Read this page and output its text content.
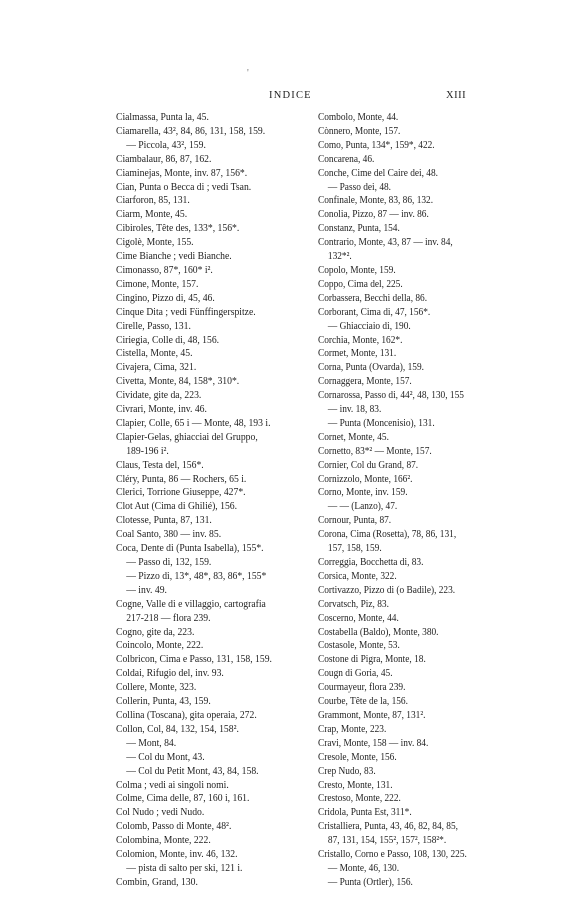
'
INDICE	XIII
Cialmassa, Punta la, 45.
Ciamarella, 43², 84, 86, 131, 158, 159.
— Piccola, 43², 159.
Ciambalaur, 86, 87, 162.
Ciaminejas, Monte, inv. 87, 156*.
Cian, Punta o Becca di ; vedi Tsan.
Ciarforon, 85, 131.
Ciarm, Monte, 45.
Cibiroles, Tête des, 133*, 156*.
Cigolè, Monte, 155.
Cime Bianche ; vedi Bianche.
Cimonasso, 87*, 160* i².
Cimone, Monte, 157.
Cingino, Pizzo di, 45, 46.
Cinque Dita ; vedi Fünffingerspitze.
Cirelle, Passo, 131.
Ciriegia, Colle di, 48, 156.
Cistella, Monte, 45.
Civajera, Cima, 321.
Civetta, Monte, 84, 158*, 310*.
Cividate, gite da, 223.
Civrari, Monte, inv. 46.
Clapier, Colle, 65 i — Monte, 48, 193 i.
Clapier-Gelas, ghiacciai del Gruppo,
189-196 i².
Claus, Testa del, 156*.
Cléry, Punta, 86 — Rochers, 65 i.
Clerici, Torrione Giuseppe, 427*.
Clot Aut (Cima di Ghilié), 156.
Clotesse, Punta, 87, 131.
Coal Santo, 380 — inv. 85.
Coca, Dente di (Punta Isabella), 155*.
— Passo di, 132, 159.
— Pizzo di, 13*, 48*, 83, 86*, 155*
— inv. 49.
Cogne, Valle di e villaggio, cartografia
217-218 — flora 239.
Cogno, gite da, 223.
Coincolo, Monte, 222.
Colbricon, Cima e Passo, 131, 158, 159.
Coldai, Rifugio del, inv. 93.
Collere, Monte, 323.
Collerin, Punta, 43, 159.
Collina (Toscana), gita operaia, 272.
Collon, Col, 84, 132, 154, 158².
— Mont, 84.
— Col du Mont, 43.
— Col du Petit Mont, 43, 84, 158.
Colma ; vedi ai singoli nomi.
Colme, Cima delle, 87, 160 i, 161.
Col Nudo ; vedi Nudo.
Colomb, Passo di Monte, 48².
Colombina, Monte, 222.
Colomion, Monte, inv. 46, 132.
— pista di salto per ski, 121 i.
Combin, Grand, 130.
Combolo, Monte, 44.
Cònnero, Monte, 157.
Como, Punta, 134*, 159*, 422.
Concarena, 46.
Conche, Cime del Caire dei, 48.
— Passo dei, 48.
Confinale, Monte, 83, 86, 132.
Conolia, Pizzo, 87 — inv. 86.
Constanz, Punta, 154.
Contrario, Monte, 43, 87 — inv. 84,
132*².
Copolo, Monte, 159.
Coppo, Cima del, 225.
Corbassera, Becchi della, 86.
Corborant, Cima di, 47, 156*.
— Ghiacciaio di, 190.
Corchia, Monte, 162*.
Cormet, Monte, 131.
Corna, Punta (Ovarda), 159.
Cornaggera, Monte, 157.
Cornarossa, Passo di, 44², 48, 130, 155
— inv. 18, 83.
— Punta (Moncenisio), 131.
Cornet, Monte, 45.
Cornetto, 83*² — Monte, 157.
Cornier, Col du Grand, 87.
Cornizzolo, Monte, 166².
Corno, Monte, inv. 159.
— — (Lanzo), 47.
Cornour, Punta, 87.
Corona, Cima (Rosetta), 78, 86, 131,
157, 158, 159.
Correggia, Bocchetta di, 83.
Corsica, Monte, 322.
Cortivazzo, Pizzo di (o Badile), 223.
Corvatsch, Piz, 83.
Coscerno, Monte, 44.
Costabella (Baldo), Monte, 380.
Costasole, Monte, 53.
Costone di Pigra, Monte, 18.
Cougn di Goria, 45.
Courmayeur, flora 239.
Courbe, Tête de la, 156.
Grammont, Monte, 87, 131².
Crap, Monte, 223.
Cravi, Monte, 158 — inv. 84.
Cresole, Monte, 156.
Crep Nudo, 83.
Cresto, Monte, 131.
Crestoso, Monte, 222.
Cridola, Punta Est, 311*.
Cristalliera, Punta, 43, 46, 82, 84, 85,
87, 131, 154, 155², 157², 158²*.
Cristallo, Corno e Passo, 108, 130, 225.
— Monte, 46, 130.
— Punta (Ortler), 156.
